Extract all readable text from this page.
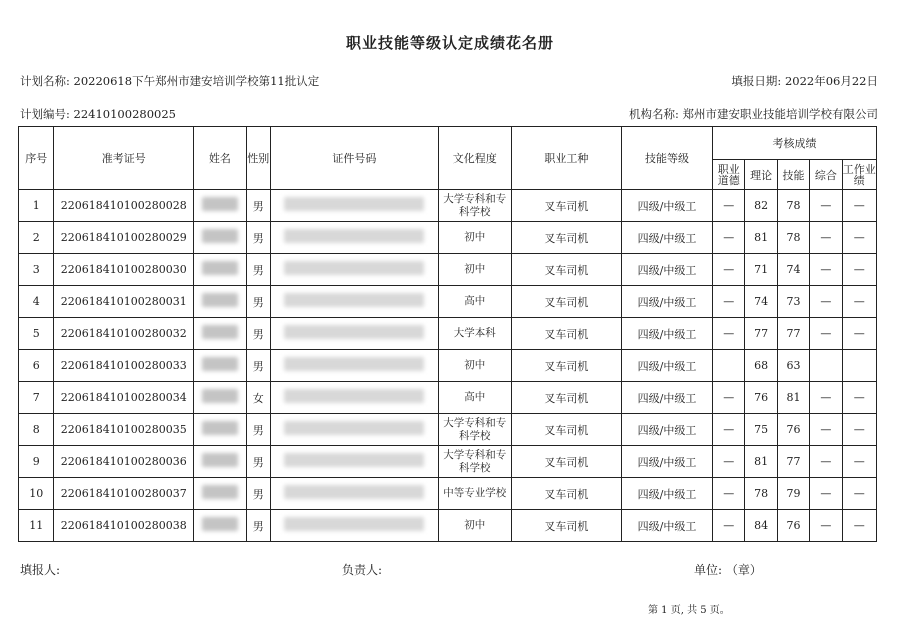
职业技能等级认定成绩花名册
计划名称: 20220618下午郑州市建安培训学校第11批认定	填报日期: 2022年06月22日
计划编号: 22410100280025	机构名称: 郑州市建安职业技能培训学校有限公司
序号	准考证号	姓名	性别	证件号码	文化程度	职业工种	技能等级	考核成绩				
								职业道德	理论	技能	综合	工作业绩
1	220618410100280028		男		大学专科和专科学校	叉车司机	四级/中级工	—	82	78	—	—
2	220618410100280029		男		初中	叉车司机	四级/中级工	—	81	78	—	—
3	220618410100280030		男		初中	叉车司机	四级/中级工	—	71	74	—	—
4	220618410100280031		男		高中	叉车司机	四级/中级工	—	74	73	—	—
5	220618410100280032		男		大学本科	叉车司机	四级/中级工	—	77	77	—	—
6	220618410100280033		男		初中	叉车司机	四级/中级工		68	63		
7	220618410100280034		女		高中	叉车司机	四级/中级工	—	76	81	—	—
8	220618410100280035		男		大学专科和专科学校	叉车司机	四级/中级工	—	75	76	—	—
9	220618410100280036		男		大学专科和专科学校	叉车司机	四级/中级工	—	81	77	—	—
10	220618410100280037		男		中等专业学校	叉车司机	四级/中级工	—	78	79	—	—
11	220618410100280038		男		初中	叉车司机	四级/中级工	—	84	76	—	—
填报人:	负责人:	单位: （章）
第 1 页, 共 5 页。
